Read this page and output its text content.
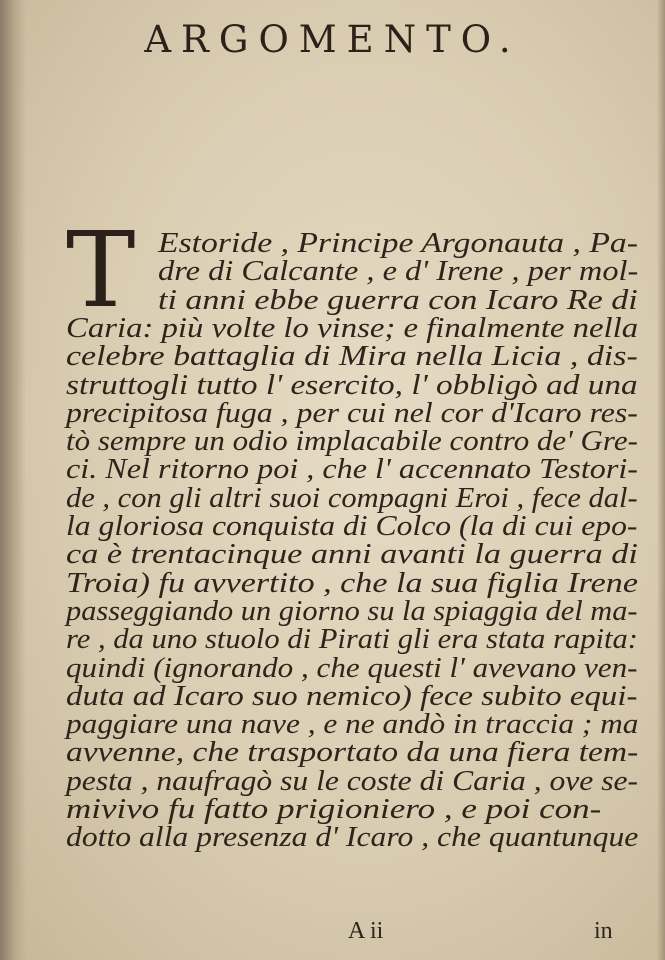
ARGOMENTO.
T Estoride , Principe Argonauta , Pa-
dre di Calcante , e d' Irene , per mol-
ti anni ebbe guerra con Icaro Re di
Caria: più volte lo vinse; e finalmente nella
celebre battaglia di Mira nella Licia , dis-
struttogli tutto l' esercito, l' obbligò ad una
precipitosa fuga , per cui nel cor d'Icaro res-
tò sempre un odio implacabile contro de' Gre-
ci. Nel ritorno poi , che l' accennato Testori-
de , con gli altri suoi compagni Eroi , fece dal-
la gloriosa conquista di Colco (la di cui epo-
ca è trentacinque anni avanti la guerra di
Troia) fu avvertito , che la sua figlia Irene
passeggiando un giorno su la spiaggia del ma-
re , da uno stuolo di Pirati gli era stata rapita:
quindi (ignorando , che questi l' avevano ven-
duta ad Icaro suo nemico) fece subito equi-
paggiare una nave , e ne andò in traccia ; ma
avvenne, che trasportato da una fiera tem-
pesta , naufragò su le coste di Caria , ove se-
mivivo fu fatto prigioniero , e poi con-
dotto alla presenza d' Icaro , che quantunque
A ii	in
